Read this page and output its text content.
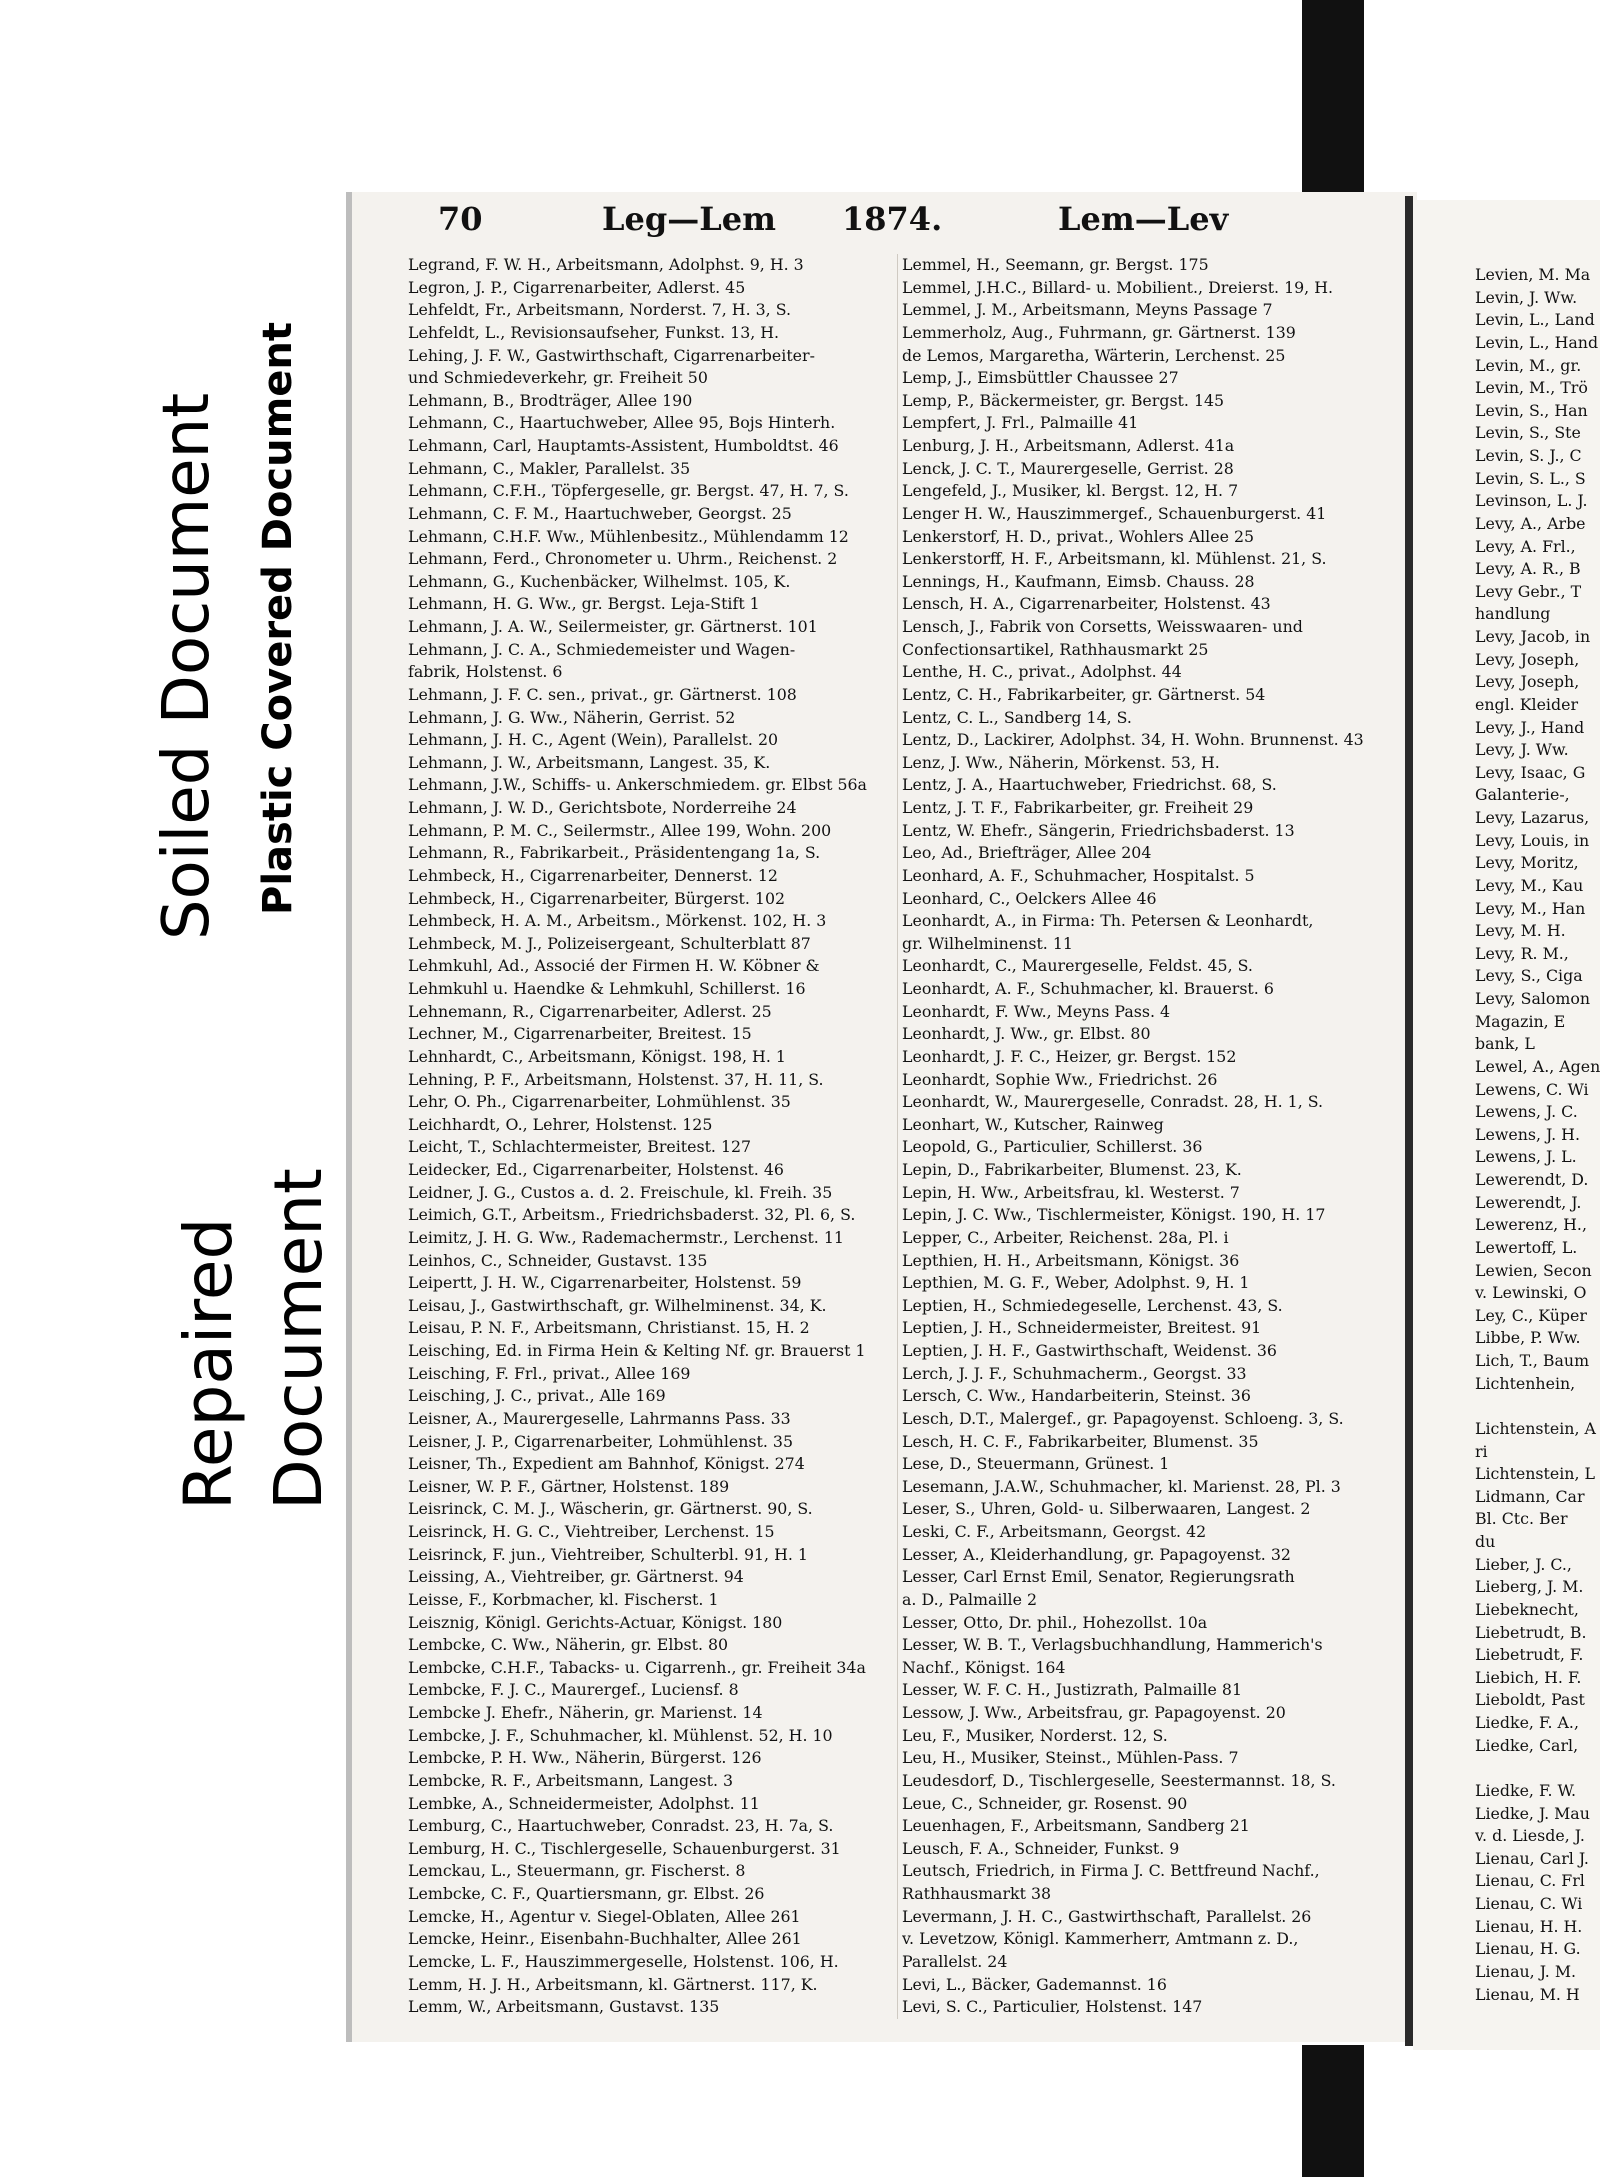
Soiled Document Plastic Covered Document
Repaired Document
70	Leg—Lem 1874.	Lem—Lev
Legrand, F. W. H., Arbeitsmann, Adolphst. 9, H. 3
Legron, J. P., Cigarrenarbeiter, Adlerst. 45
Lehfeldt, Fr., Arbeitsmann, Norderst. 7, H. 3, S.
Lehfeldt, L., Revisionsaufseher, Funkst. 13, H.
Lehing, J. F. W., Gastwirthschaft, Cigarrenarbeiter-
und Schmiedeverkehr, gr. Freiheit 50
Lehmann, B., Brodträger, Allee 190
Lehmann, C., Haartuchweber, Allee 95, Bojs Hinterh.
Lehmann, Carl, Hauptamts-Assistent, Humboldtst. 46
Lehmann, C., Makler, Parallelst. 35
Lehmann, C.F.H., Töpfergeselle, gr. Bergst. 47, H. 7, S.
Lehmann, C. F. M., Haartuchweber, Georgst. 25
Lehmann, C.H.F. Ww., Mühlenbesitz., Mühlendamm 12
Lehmann, Ferd., Chronometer u. Uhrm., Reichenst. 2
Lehmann, G., Kuchenbäcker, Wilhelmst. 105, K.
Lehmann, H. G. Ww., gr. Bergst. Leja-Stift 1
Lehmann, J. A. W., Seilermeister, gr. Gärtnerst. 101
Lehmann, J. C. A., Schmiedemeister und Wagen-
fabrik, Holstenst. 6
Lehmann, J. F. C. sen., privat., gr. Gärtnerst. 108
Lehmann, J. G. Ww., Näherin, Gerrist. 52
Lehmann, J. H. C., Agent (Wein), Parallelst. 20
Lehmann, J. W., Arbeitsmann, Langest. 35, K.
Lehmann, J.W., Schiffs- u. Ankerschmiedem. gr. Elbst 56a
Lehmann, J. W. D., Gerichtsbote, Norderreihe 24
Lehmann, P. M. C., Seilermstr., Allee 199, Wohn. 200
Lehmann, R., Fabrikarbeit., Präsidentengang 1a, S.
Lehmbeck, H., Cigarrenarbeiter, Dennerst. 12
Lehmbeck, H., Cigarrenarbeiter, Bürgerst. 102
Lehmbeck, H. A. M., Arbeitsm., Mörkenst. 102, H. 3
Lehmbeck, M. J., Polizeisergeant, Schulterblatt 87
Lehmkuhl, Ad., Associé der Firmen H. W. Köbner &
Lehmkuhl u. Haendke & Lehmkuhl, Schillerst. 16
Lehnemann, R., Cigarrenarbeiter, Adlerst. 25
Lechner, M., Cigarrenarbeiter, Breitest. 15
Lehnhardt, C., Arbeitsmann, Königst. 198, H. 1
Lehning, P. F., Arbeitsmann, Holstenst. 37, H. 11, S.
Lehr, O. Ph., Cigarrenarbeiter, Lohmühlenst. 35
Leichhardt, O., Lehrer, Holstenst. 125
Leicht, T., Schlachtermeister, Breitest. 127
Leidecker, Ed., Cigarrenarbeiter, Holstenst. 46
Leidner, J. G., Custos a. d. 2. Freischule, kl. Freih. 35
Leimich, G.T., Arbeitsm., Friedrichsbaderst. 32, Pl. 6, S.
Leimitz, J. H. G. Ww., Rademachermstr., Lerchenst. 11
Leinhos, C., Schneider, Gustavst. 135
Leipertt, J. H. W., Cigarrenarbeiter, Holstenst. 59
Leisau, J., Gastwirthschaft, gr. Wilhelminenst. 34, K.
Leisau, P. N. F., Arbeitsmann, Christianst. 15, H. 2
Leisching, Ed. in Firma Hein & Kelting Nf. gr. Brauerst 1
Leisching, F. Frl., privat., Allee 169
Leisching, J. C., privat., Alle 169
Leisner, A., Maurergeselle, Lahrmanns Pass. 33
Leisner, J. P., Cigarrenarbeiter, Lohmühlenst. 35
Leisner, Th., Expedient am Bahnhof, Königst. 274
Leisner, W. P. F., Gärtner, Holstenst. 189
Leisrinck, C. M. J., Wäscherin, gr. Gärtnerst. 90, S.
Leisrinck, H. G. C., Viehtreiber, Lerchenst. 15
Leisrinck, F. jun., Viehtreiber, Schulterbl. 91, H. 1
Leissing, A., Viehtreiber, gr. Gärtnerst. 94
Leisse, F., Korbmacher, kl. Fischerst. 1
Leisznig, Königl. Gerichts-Actuar, Königst. 180
Lembcke, C. Ww., Näherin, gr. Elbst. 80
Lembcke, C.H.F., Tabacks- u. Cigarrenh., gr. Freiheit 34a
Lembcke, F. J. C., Maurergef., Luciensf. 8
Lembcke J. Ehefr., Näherin, gr. Marienst. 14
Lembcke, J. F., Schuhmacher, kl. Mühlenst. 52, H. 10
Lembcke, P. H. Ww., Näherin, Bürgerst. 126
Lembcke, R. F., Arbeitsmann, Langest. 3
Lembke, A., Schneidermeister, Adolphst. 11
Lemburg, C., Haartuchweber, Conradst. 23, H. 7a, S.
Lemburg, H. C., Tischlergeselle, Schauenburgerst. 31
Lemckau, L., Steuermann, gr. Fischerst. 8
Lembcke, C. F., Quartiersmann, gr. Elbst. 26
Lemcke, H., Agentur v. Siegel-Oblaten, Allee 261
Lemcke, Heinr., Eisenbahn-Buchhalter, Allee 261
Lemcke, L. F., Hauszimmergeselle, Holstenst. 106, H.
Lemm, H. J. H., Arbeitsmann, kl. Gärtnerst. 117, K.
Lemm, W., Arbeitsmann, Gustavst. 135
Lemmel, H., Seemann, gr. Bergst. 175
Lemmel, J.H.C., Billard- u. Mobilient., Dreierst. 19, H.
Lemmel, J. M., Arbeitsmann, Meyns Passage 7
Lemmerholz, Aug., Fuhrmann, gr. Gärtnerst. 139
de Lemos, Margaretha, Wärterin, Lerchenst. 25
Lemp, J., Eimsbüttler Chaussee 27
Lemp, P., Bäckermeister, gr. Bergst. 145
Lempfert, J. Frl., Palmaille 41
Lenburg, J. H., Arbeitsmann, Adlerst. 41a
Lenck, J. C. T., Maurergeselle, Gerrist. 28
Lengefeld, J., Musiker, kl. Bergst. 12, H. 7
Lenger H. W., Hauszimmergef., Schauenburgerst. 41
Lenkerstorf, H. D., privat., Wohlers Allee 25
Lenkerstorff, H. F., Arbeitsmann, kl. Mühlenst. 21, S.
Lennings, H., Kaufmann, Eimsb. Chauss. 28
Lensch, H. A., Cigarrenarbeiter, Holstenst. 43
Lensch, J., Fabrik von Corsetts, Weisswaaren- und
Confectionsartikel, Rathhausmarkt 25
Lenthe, H. C., privat., Adolphst. 44
Lentz, C. H., Fabrikarbeiter, gr. Gärtnerst. 54
Lentz, C. L., Sandberg 14, S.
Lentz, D., Lackirer, Adolphst. 34, H. Wohn. Brunnenst. 43
Lenz, J. Ww., Näherin, Mörkenst. 53, H.
Lentz, J. A., Haartuchweber, Friedrichst. 68, S.
Lentz, J. T. F., Fabrikarbeiter, gr. Freiheit 29
Lentz, W. Ehefr., Sängerin, Friedrichsbaderst. 13
Leo, Ad., Briefträger, Allee 204
Leonhard, A. F., Schuhmacher, Hospitalst. 5
Leonhard, C., Oelckers Allee 46
Leonhardt, A., in Firma: Th. Petersen & Leonhardt,
gr. Wilhelminenst. 11
Leonhardt, C., Maurergeselle, Feldst. 45, S.
Leonhardt, A. F., Schuhmacher, kl. Brauerst. 6
Leonhardt, F. Ww., Meyns Pass. 4
Leonhardt, J. Ww., gr. Elbst. 80
Leonhardt, J. F. C., Heizer, gr. Bergst. 152
Leonhardt, Sophie Ww., Friedrichst. 26
Leonhardt, W., Maurergeselle, Conradst. 28, H. 1, S.
Leonhart, W., Kutscher, Rainweg
Leopold, G., Particulier, Schillerst. 36
Lepin, D., Fabrikarbeiter, Blumenst. 23, K.
Lepin, H. Ww., Arbeitsfrau, kl. Westerst. 7
Lepin, J. C. Ww., Tischlermeister, Königst. 190, H. 17
Lepper, C., Arbeiter, Reichenst. 28a, Pl. i
Lepthien, H. H., Arbeitsmann, Königst. 36
Lepthien, M. G. F., Weber, Adolphst. 9, H. 1
Leptien, H., Schmiedegeselle, Lerchenst. 43, S.
Leptien, J. H., Schneidermeister, Breitest. 91
Leptien, J. H. F., Gastwirthschaft, Weidenst. 36
Lerch, J. J. F., Schuhmacherm., Georgst. 33
Lersch, C. Ww., Handarbeiterin, Steinst. 36
Lesch, D.T., Malergef., gr. Papagoyenst. Schloeng. 3, S.
Lesch, H. C. F., Fabrikarbeiter, Blumenst. 35
Lese, D., Steuermann, Grünest. 1
Lesemann, J.A.W., Schuhmacher, kl. Marienst. 28, Pl. 3
Leser, S., Uhren, Gold- u. Silberwaaren, Langest. 2
Leski, C. F., Arbeitsmann, Georgst. 42
Lesser, A., Kleiderhandlung, gr. Papagoyenst. 32
Lesser, Carl Ernst Emil, Senator, Regierungsrath
a. D., Palmaille 2
Lesser, Otto, Dr. phil., Hohezollst. 10a
Lesser, W. B. T., Verlagsbuchhandlung, Hammerich's
Nachf., Königst. 164
Lesser, W. F. C. H., Justizrath, Palmaille 81
Lessow, J. Ww., Arbeitsfrau, gr. Papagoyenst. 20
Leu, F., Musiker, Norderst. 12, S.
Leu, H., Musiker, Steinst., Mühlen-Pass. 7
Leudesdorf, D., Tischlergeselle, Seestermannst. 18, S.
Leue, C., Schneider, gr. Rosenst. 90
Leuenhagen, F., Arbeitsmann, Sandberg 21
Leusch, F. A., Schneider, Funkst. 9
Leutsch, Friedrich, in Firma J. C. Bettfreund Nachf.,
Rathhausmarkt 38
Levermann, J. H. C., Gastwirthschaft, Parallelst. 26
v. Levetzow, Königl. Kammerherr, Amtmann z. D.,
Parallelst. 24
Levi, L., Bäcker, Gademannst. 16
Levi, S. C., Particulier, Holstenst. 147
Levien, M. Ma
Levin, J. Ww.
Levin, L., Land
Levin, L., Hand
Levin, M., gr.
Levin, M., Trö
Levin, S., Han
Levin, S., Ste
Levin, S. J., C
Levin, S. L., S
Levinson, L. J.
Levy, A., Arbe
Levy, A. Frl.,
Levy, A. R., B
Levy Gebr., T
handlung
Levy, Jacob, in
Levy, Joseph,
Levy, Joseph,
engl. Kleider
Levy, J., Hand
Levy, J. Ww.
Levy, Isaac, G
Galanterie-,
Levy, Lazarus,
Levy, Louis, in
Levy, Moritz,
Levy, M., Kau
Levy, M., Han
Levy, M. H.
Levy, R. M.,
Levy, S., Ciga
Levy, Salomon
Magazin, E
bank, L
Lewel, A., Agen
Lewens, C. Wi
Lewens, J. C.
Lewens, J. H.
Lewens, J. L.
Lewerendt, D.
Lewerendt, J.
Lewerenz, H.,
Lewertoff, L.
Lewien, Secon
v. Lewinski, O
Ley, C., Küper
Libbe, P. Ww.
Lich, T., Baum
Lichtenhein,
Lichtenstein, A
ri
Lichtenstein, L
Lidmann, Car
Bl. Ctc. Ber
du
Lieber, J. C.,
Lieberg, J. M.
Liebeknecht,
Liebetrudt, B.
Liebetrudt, F.
Liebich, H. F.
Lieboldt, Past
Liedke, F. A.,
Liedke, Carl,
Liedke, F. W.
Liedke, J. Mau
v. d. Liesde, J.
Lienau, Carl J.
Lienau, C. Frl
Lienau, C. Wi
Lienau, H. H.
Lienau, H. G.
Lienau, J. M.
Lienau, M. H
